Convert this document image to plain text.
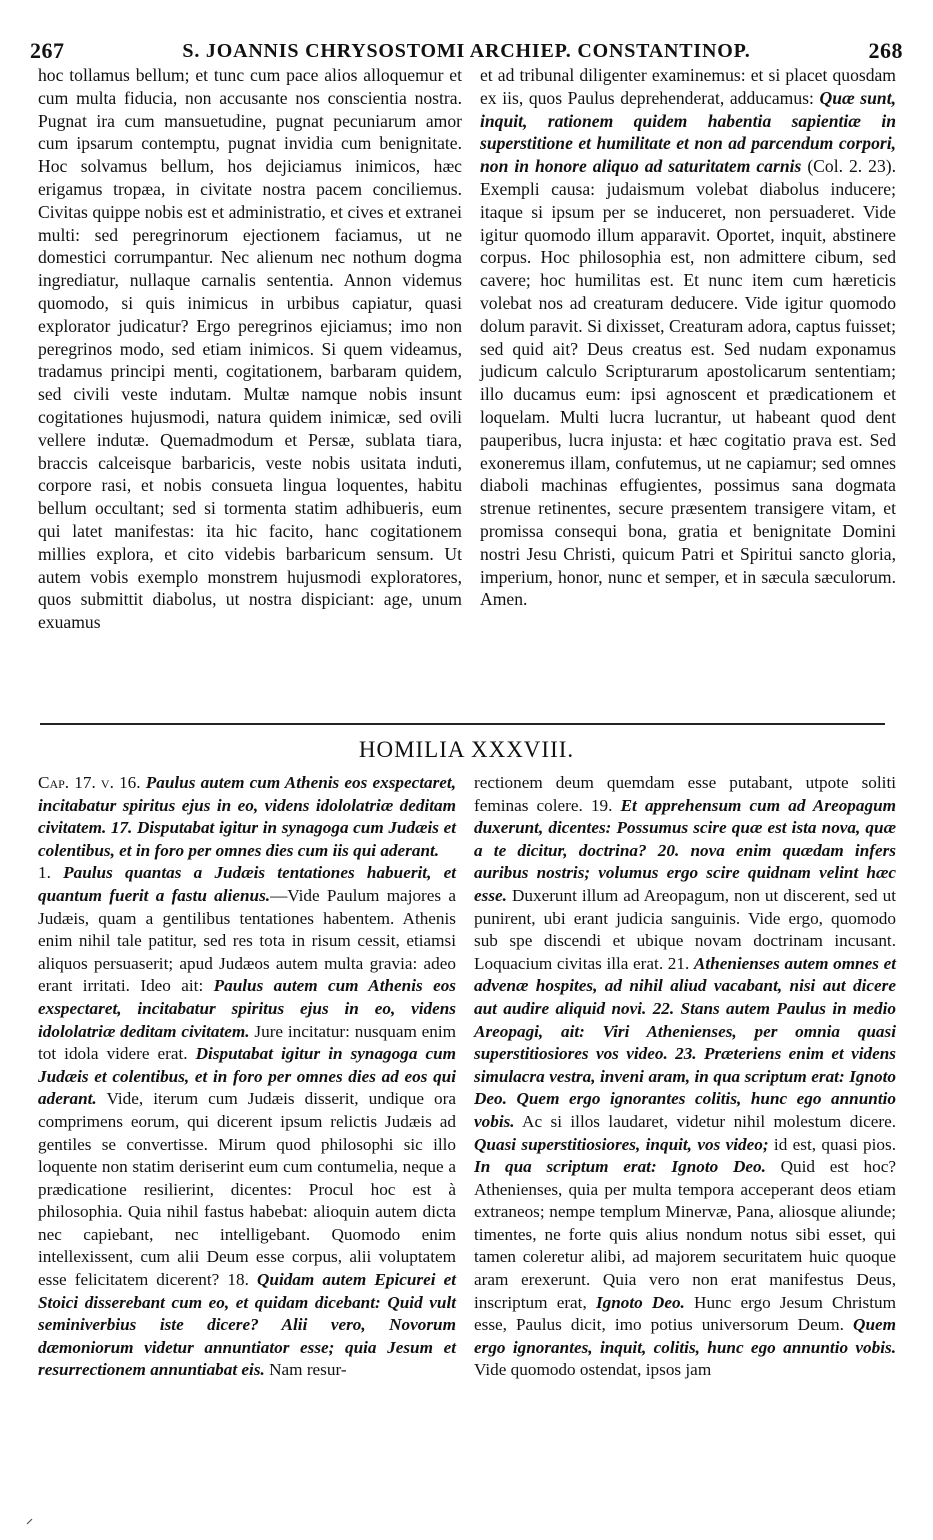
267	S. JOANNIS CHRYSOSTOMI ARCHIEP. CONSTANTINOP.	268

hoc tollamus bellum; et tunc cum pace alios alloquemur et cum multa fiducia, non accusante nos conscientia nostra. Pugnat ira cum mansuetudine, pugnat pecuniarum amor cum ipsarum contemptu, pugnat invidia cum benignitate. Hoc solvamus bellum, hos dejiciamus inimicos, hæc erigamus tropæa, in civitate nostra pacem conciliemus. Civitas quippe nobis est et administratio, et cives et extranei multi: sed peregrinorum ejectionem faciamus, ut ne domestici corrumpantur. Nec alienum nec nothum dogma ingrediatur, nullaque carnalis sententia. Annon videmus quomodo, si quis inimicus in urbibus capiatur, quasi explorator judicatur? Ergo peregrinos ejiciamus; imo non peregrinos modo, sed etiam inimicos. Si quem videamus, tradamus principi menti, cogitationem, barbaram quidem, sed civili veste indutam. Multæ namque nobis insunt cogitationes hujusmodi, natura quidem inimicæ, sed ovili vellere indutæ. Quemadmodum et Persæ, sublata tiara, braccis calceisque barbaricis, veste nobis usitata induti, corpore rasi, et nobis consueta lingua loquentes, habitu bellum occultant; sed si tormenta statim adhibueris, eum qui latet manifestas: ita hic facito, hanc cogitationem millies explora, et cito videbis barbaricum sensum. Ut autem vobis exemplo monstrem hujusmodi exploratores, quos submittit diabolus, ut nostra dispiciant: age, unum exuamus

et ad tribunal diligenter examinemus: et si placet quosdam ex iis, quos Paulus deprehenderat, adducamus: Quæ sunt, inquit, rationem quidem habentia sapientiæ in superstitione et humilitate et non ad parcendum corpori, non in honore aliquo ad saturitatem carnis (Col. 2. 23). Exempli causa: judaismum volebat diabolus inducere; itaque si ipsum per se induceret, non persuaderet. Vide igitur quomodo illum apparavit. Oportet, inquit, abstinere corpus. Hoc philosophia est, non admittere cibum, sed cavere; hoc humilitas est. Et nunc item cum hæreticis volebat nos ad creaturam deducere. Vide igitur quomodo dolum paravit. Si dixisset, Creaturam adora, captus fuisset; sed quid ait? Deus creatus est. Sed nudam exponamus judicum calculo Scripturarum apostolicarum sententiam; illo ducamus eum: ipsi agnoscent et prædicationem et loquelam. Multi lucra lucrantur, ut habeant quod dent pauperibus, lucra injusta: et hæc cogitatio prava est. Sed exoneremus illam, confutemus, ut ne capiamur; sed omnes diaboli machinas effugientes, possimus sana dogmata strenue retinentes, secure præsentem transigere vitam, et promissa consequi bona, gratia et benignitate Domini nostri Jesu Christi, quicum Patri et Spiritui sancto gloria, imperium, honor, nunc et semper, et in sæcula sæculorum. Amen.

HOMILIA XXXVIII.

Cap. 17. v. 16. Paulus autem cum Athenis eos exspectaret, incitabatur spiritus ejus in eo, videns idololatriæ deditam civitatem. 17. Disputabat igitur in synagoga cum Judæis et colentibus, et in foro per omnes dies cum iis qui aderant.

1. Paulus quantas a Judæis tentationes habuerit, et quantum fuerit a fastu alienus.—Vide Paulum majores a Judæis, quam a gentilibus tentationes habentem. Athenis enim nihil tale patitur, sed res tota in risum cessit, etiamsi aliquos persuaserit; apud Judæos autem multa gravia: adeo erant irritati. Ideo ait: Paulus autem cum Athenis eos exspectaret, incitabatur spiritus ejus in eo, videns idololatriæ deditam civitatem. Jure incitatur: nusquam enim tot idola videre erat. Disputabat igitur in synagoga cum Judæis et colentibus, et in foro per omnes dies ad eos qui aderant. Vide, iterum cum Judæis disserit, undique ora comprimens eorum, qui dicerent ipsum relictis Judæis ad gentiles se convertisse. Mirum quod philosophi sic illo loquente non statim deriserint eum cum contumelia, neque a prædicatione resilierint, dicentes: Procul hoc est à philosophia. Quia nihil fastus habebat: alioquin autem dicta nec capiebant, nec intelligebant. Quomodo enim intellexissent, cum alii Deum esse corpus, alii voluptatem esse felicitatem dicerent? 18. Quidam autem Epicurei et Stoici disserebant cum eo, et quidam dicebant: Quid vult seminiverbius iste dicere? Alii vero, Novorum dæmoniorum videtur annuntiator esse; quia Jesum et resurrectionem annuntiabat eis. Nam resur-

rectionem deum quemdam esse putabant, utpote soliti feminas colere. 19. Et apprehensum cum ad Areopagum duxerunt, dicentes: Possumus scire quæ est ista nova, quæ a te dicitur, doctrina? 20. nova enim quædam infers auribus nostris; volumus ergo scire quidnam velint hæc esse. Duxerunt illum ad Areopagum, non ut discerent, sed ut punirent, ubi erant judicia sanguinis. Vide ergo, quomodo sub spe discendi et ubique novam doctrinam incusant. Loquacium civitas illa erat. 21. Athenienses autem omnes et advenæ hospites, ad nihil aliud vacabant, nisi aut dicere aut audire aliquid novi. 22. Stans autem Paulus in medio Areopagi, ait: Viri Athenienses, per omnia quasi superstitiosiores vos video. 23. Præteriens enim et videns simulacra vestra, inveni aram, in qua scriptum erat: Ignoto Deo. Quem ergo ignorantes colitis, hunc ego annuntio vobis. Ac si illos laudaret, videtur nihil molestum dicere. Quasi superstitiosiores, inquit, vos video; id est, quasi pios. In qua scriptum erat: Ignoto Deo. Quid est hoc? Athenienses, quia per multa tempora acceperant deos etiam extraneos; nempe templum Minervæ, Pana, aliosque aliunde; timentes, ne forte quis alius nondum notus sibi esset, qui tamen coleretur alibi, ad majorem securitatem huic quoque aram erexerunt. Quia vero non erat manifestus Deus, inscriptum erat, Ignoto Deo. Hunc ergo Jesum Christum esse, Paulus dicit, imo potius universorum Deum. Quem ergo ignorantes, inquit, colitis, hunc ego annuntio vobis. Vide quomodo ostendat, ipsos jam
